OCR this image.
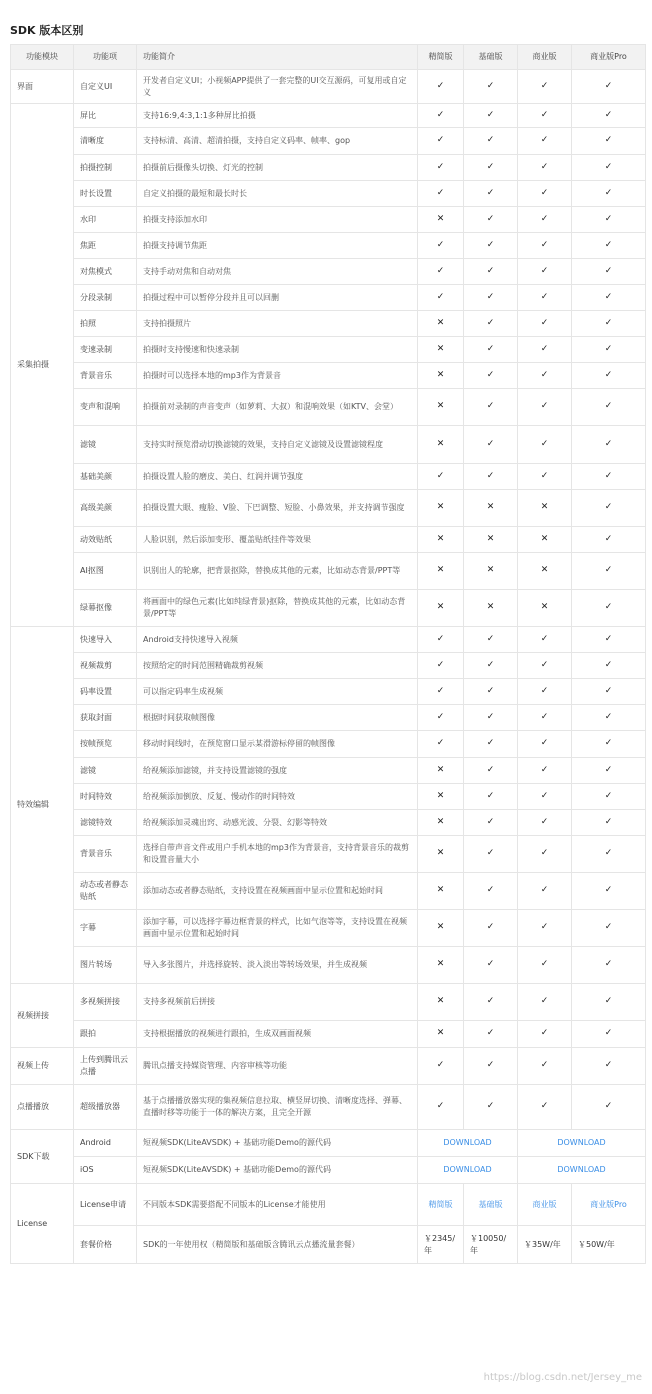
SDK 版本区别
功能模块	功能项	功能简介	精简版	基础版	商业版	商业版Pro
界面	自定义UI	开发者自定义UI；小视频APP提供了一套完整的UI交互源码，可复用或自定义	✓	✓	✓	✓
采集拍摄	屏比	支持16:9,4:3,1:1多种屏比拍摄	✓	✓	✓	✓
	清晰度	支持标清、高清、超清拍摄，支持自定义码率、帧率、gop	✓	✓	✓	✓
	拍摄控制	拍摄前后摄像头切换、灯光的控制	✓	✓	✓	✓
	时长设置	自定义拍摄的最短和最长时长	✓	✓	✓	✓
	水印	拍摄支持添加水印	✕	✓	✓	✓
	焦距	拍摄支持调节焦距	✓	✓	✓	✓
	对焦模式	支持手动对焦和自动对焦	✓	✓	✓	✓
	分段录制	拍摄过程中可以暂停分段并且可以回删	✓	✓	✓	✓
	拍照	支持拍摄照片	✕	✓	✓	✓
	变速录制	拍摄时支持慢速和快速录制	✕	✓	✓	✓
	背景音乐	拍摄时可以选择本地的mp3作为背景音	✕	✓	✓	✓
	变声和混响	拍摄前对录制的声音变声（如萝莉、大叔）和混响效果（如KTV、会堂）	✕	✓	✓	✓
	滤镜	支持实时预览滑动切换滤镜的效果，支持自定义滤镜及设置滤镜程度	✕	✓	✓	✓
	基础美颜	拍摄设置人脸的磨皮、美白、红润并调节强度	✓	✓	✓	✓
	高级美颜	拍摄设置大眼、瘦脸、V脸、下巴调整、短脸、小鼻效果，并支持调节强度	✕	✕	✕	✓
	动效贴纸	人脸识别，然后添加变形、覆盖贴纸挂件等效果	✕	✕	✕	✓
	AI抠图	识别出人的轮廓，把背景抠除，替换成其他的元素，比如动态背景/PPT等	✕	✕	✕	✓
	绿幕抠像	将画面中的绿色元素(比如纯绿背景)抠除，替换成其他的元素，比如动态背景/PPT等	✕	✕	✕	✓
特效编辑	快速导入	Android支持快速导入视频	✓	✓	✓	✓
	视频裁剪	按照给定的时间范围精确裁剪视频	✓	✓	✓	✓
	码率设置	可以指定码率生成视频	✓	✓	✓	✓
	获取封面	根据时间获取帧图像	✓	✓	✓	✓
	按帧预览	移动时间线时，在预览窗口显示某滑游标停留的帧图像	✓	✓	✓	✓
	滤镜	给视频添加滤镜，并支持设置滤镜的强度	✕	✓	✓	✓
	时间特效	给视频添加倒放、反复、慢动作的时间特效	✕	✓	✓	✓
	滤镜特效	给视频添加灵魂出窍、动感光波、分裂、幻影等特效	✕	✓	✓	✓
	背景音乐	选择自带声音文件或用户手机本地的mp3作为背景音，支持背景音乐的裁剪和设置音量大小	✕	✓	✓	✓
	动态或者静态贴纸	添加动态或者静态贴纸，支持设置在视频画面中显示位置和起始时间	✕	✓	✓	✓
	字幕	添加字幕，可以选择字幕边框背景的样式，比如气泡等等，支持设置在视频画面中显示位置和起始时间	✕	✓	✓	✓
	图片转场	导入多张图片，并选择旋转、淡入淡出等转场效果，并生成视频	✕	✓	✓	✓
视频拼接	多视频拼接	支持多视频前后拼接	✕	✓	✓	✓
	跟拍	支持根据播放的视频进行跟拍，生成双画面视频	✕	✓	✓	✓
视频上传	上传到腾讯云点播	腾讯点播支持媒资管理、内容审核等功能	✓	✓	✓	✓
点播播放	超级播放器	基于点播播放器实现的集视频信息拉取、横竖屏切换、清晰度选择、弹幕、直播时移等功能于一体的解决方案，且完全开源	✓	✓	✓	✓
SDK下载	Android	短视频SDK(LiteAVSDK) + 基础功能Demo的源代码	DOWNLOAD		DOWNLOAD	
	iOS	短视频SDK(LiteAVSDK) + 基础功能Demo的源代码	DOWNLOAD		DOWNLOAD	
License	License申请	不同版本SDK需要搭配不同版本的License才能使用	精简版	基础版	商业版	商业版Pro
	套餐价格	SDK的一年使用权（精简版和基础版含腾讯云点播流量套餐）	￥2345/年	￥10050/年	￥35W/年	￥50W/年
https://blog.csdn.net/Jersey_me
